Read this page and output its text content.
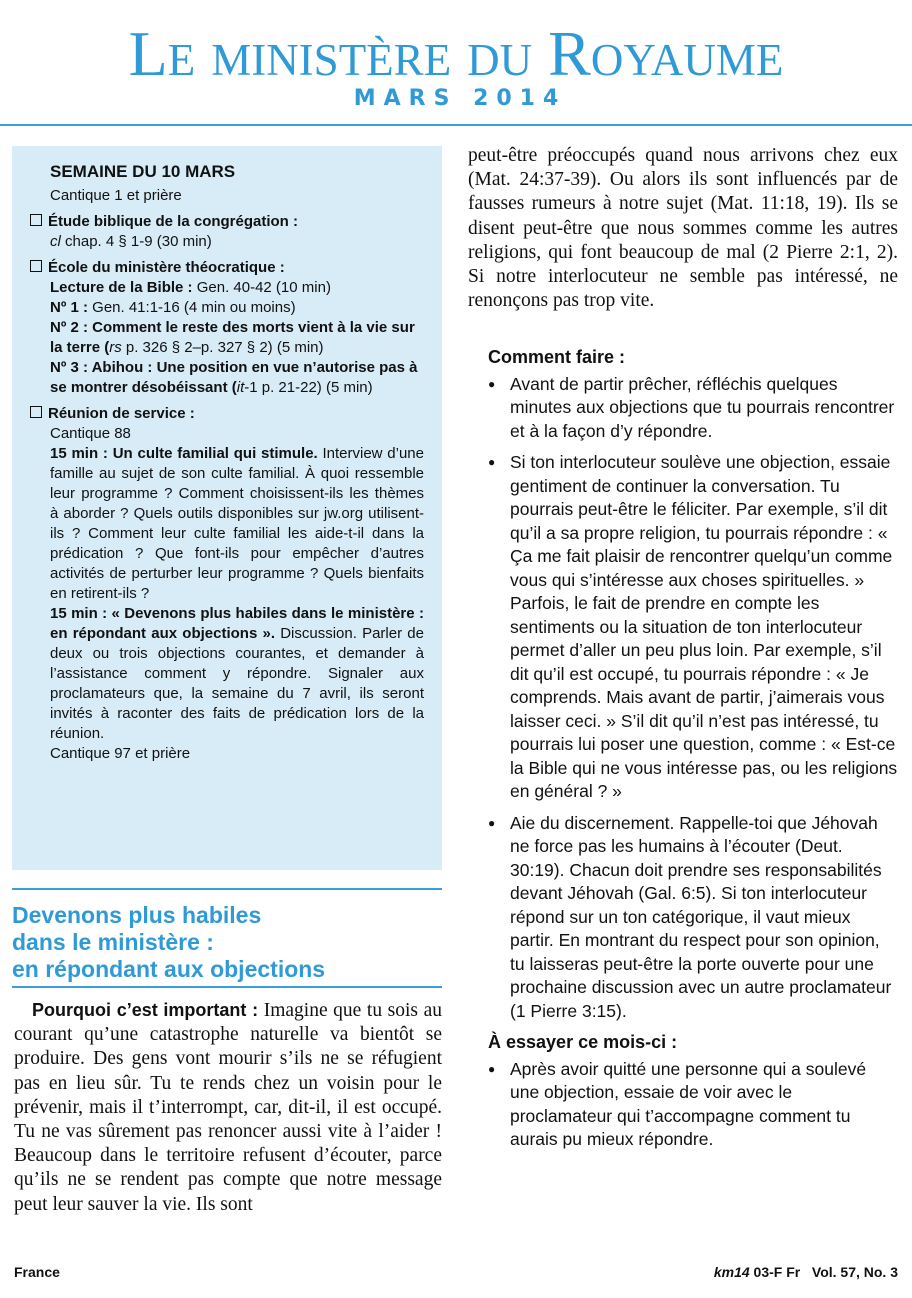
Le ministère du Royaume
MARS 2014
SEMAINE DU 10 MARS
Cantique 1 et prière
Étude biblique de la congrégation :
cl chap. 4 § 1-9 (30 min)
École du ministère théocratique :
Lecture de la Bible : Gen. 40-42 (10 min)
Nº 1 : Gen. 41:1-16 (4 min ou moins)
Nº 2 : Comment le reste des morts vient à la vie sur la terre (rs p. 326 § 2–p. 327 § 2) (5 min)
Nº 3 : Abihou : Une position en vue n’autorise pas à se montrer désobéissant (it-1 p. 21-22) (5 min)
Réunion de service :
Cantique 88
15 min : Un culte familial qui stimule. Interview d’une famille au sujet de son culte familial. À quoi ressemble leur programme ? Comment choisissent-ils les thèmes à aborder ? Quels outils disponibles sur jw.org utilisent-ils ? Comment leur culte familial les aide-t-il dans la prédication ? Que font-ils pour empêcher d’autres activités de perturber leur programme ? Quels bienfaits en retirent-ils ?
15 min : « Devenons plus habiles dans le ministère : en répondant aux objections ». Discussion. Parler de deux ou trois objections courantes, et demander à l’assistance comment y répondre. Signaler aux proclamateurs que, la semaine du 7 avril, ils seront invités à raconter des faits de prédication lors de la réunion.
Cantique 97 et prière
Devenons plus habiles
dans le ministère :
en répondant aux objections
Pourquoi c’est important : Imagine que tu sois au courant qu’une catastrophe naturelle va bientôt se produire. Des gens vont mourir s’ils ne se réfugient pas en lieu sûr. Tu te rends chez un voisin pour le prévenir, mais il t’interrompt, car, dit-il, il est occupé. Tu ne vas sûrement pas renoncer aussi vite à l’aider ! Beaucoup dans le territoire refusent d’écouter, parce qu’ils ne se rendent pas compte que notre message peut leur sauver la vie. Ils sont
peut-être préoccupés quand nous arrivons chez eux (Mat. 24:37-39). Ou alors ils sont influencés par de fausses rumeurs à notre sujet (Mat. 11:18, 19). Ils se disent peut-être que nous sommes comme les autres religions, qui font beaucoup de mal (2 Pierre 2:1, 2). Si notre interlocuteur ne semble pas intéressé, ne renonçons pas trop vite.
Comment faire :
● Avant de partir prêcher, réfléchis quelques minutes aux objections que tu pourrais rencontrer et à la façon d’y répondre.
● Si ton interlocuteur soulève une objection, essaie gentiment de continuer la conversation. Tu pourrais peut-être le féliciter. Par exemple, s’il dit qu’il a sa propre religion, tu pourrais répondre : « Ça me fait plaisir de rencontrer quelqu’un comme vous qui s’intéresse aux choses spirituelles. » Parfois, le fait de prendre en compte les sentiments ou la situation de ton interlocuteur permet d’aller un peu plus loin. Par exemple, s’il dit qu’il est occupé, tu pourrais répondre : « Je comprends. Mais avant de partir, j’aimerais vous laisser ceci. » S’il dit qu’il n’est pas intéressé, tu pourrais lui poser une question, comme : « Est-ce la Bible qui ne vous intéresse pas, ou les religions en général ? »
● Aie du discernement. Rappelle-toi que Jéhovah ne force pas les humains à l’écouter (Deut. 30:19). Chacun doit prendre ses responsabilités devant Jéhovah (Gal. 6:5). Si ton interlocuteur répond sur un ton catégorique, il vaut mieux partir. En montrant du respect pour son opinion, tu laisseras peut-être la porte ouverte pour une prochaine discussion avec un autre proclamateur (1 Pierre 3:15).
À essayer ce mois-ci :
● Après avoir quitté une personne qui a soulevé une objection, essaie de voir avec le proclamateur qui t’accompagne comment tu aurais pu mieux répondre.
France	km14 03-F Fr Vol. 57, No. 3
